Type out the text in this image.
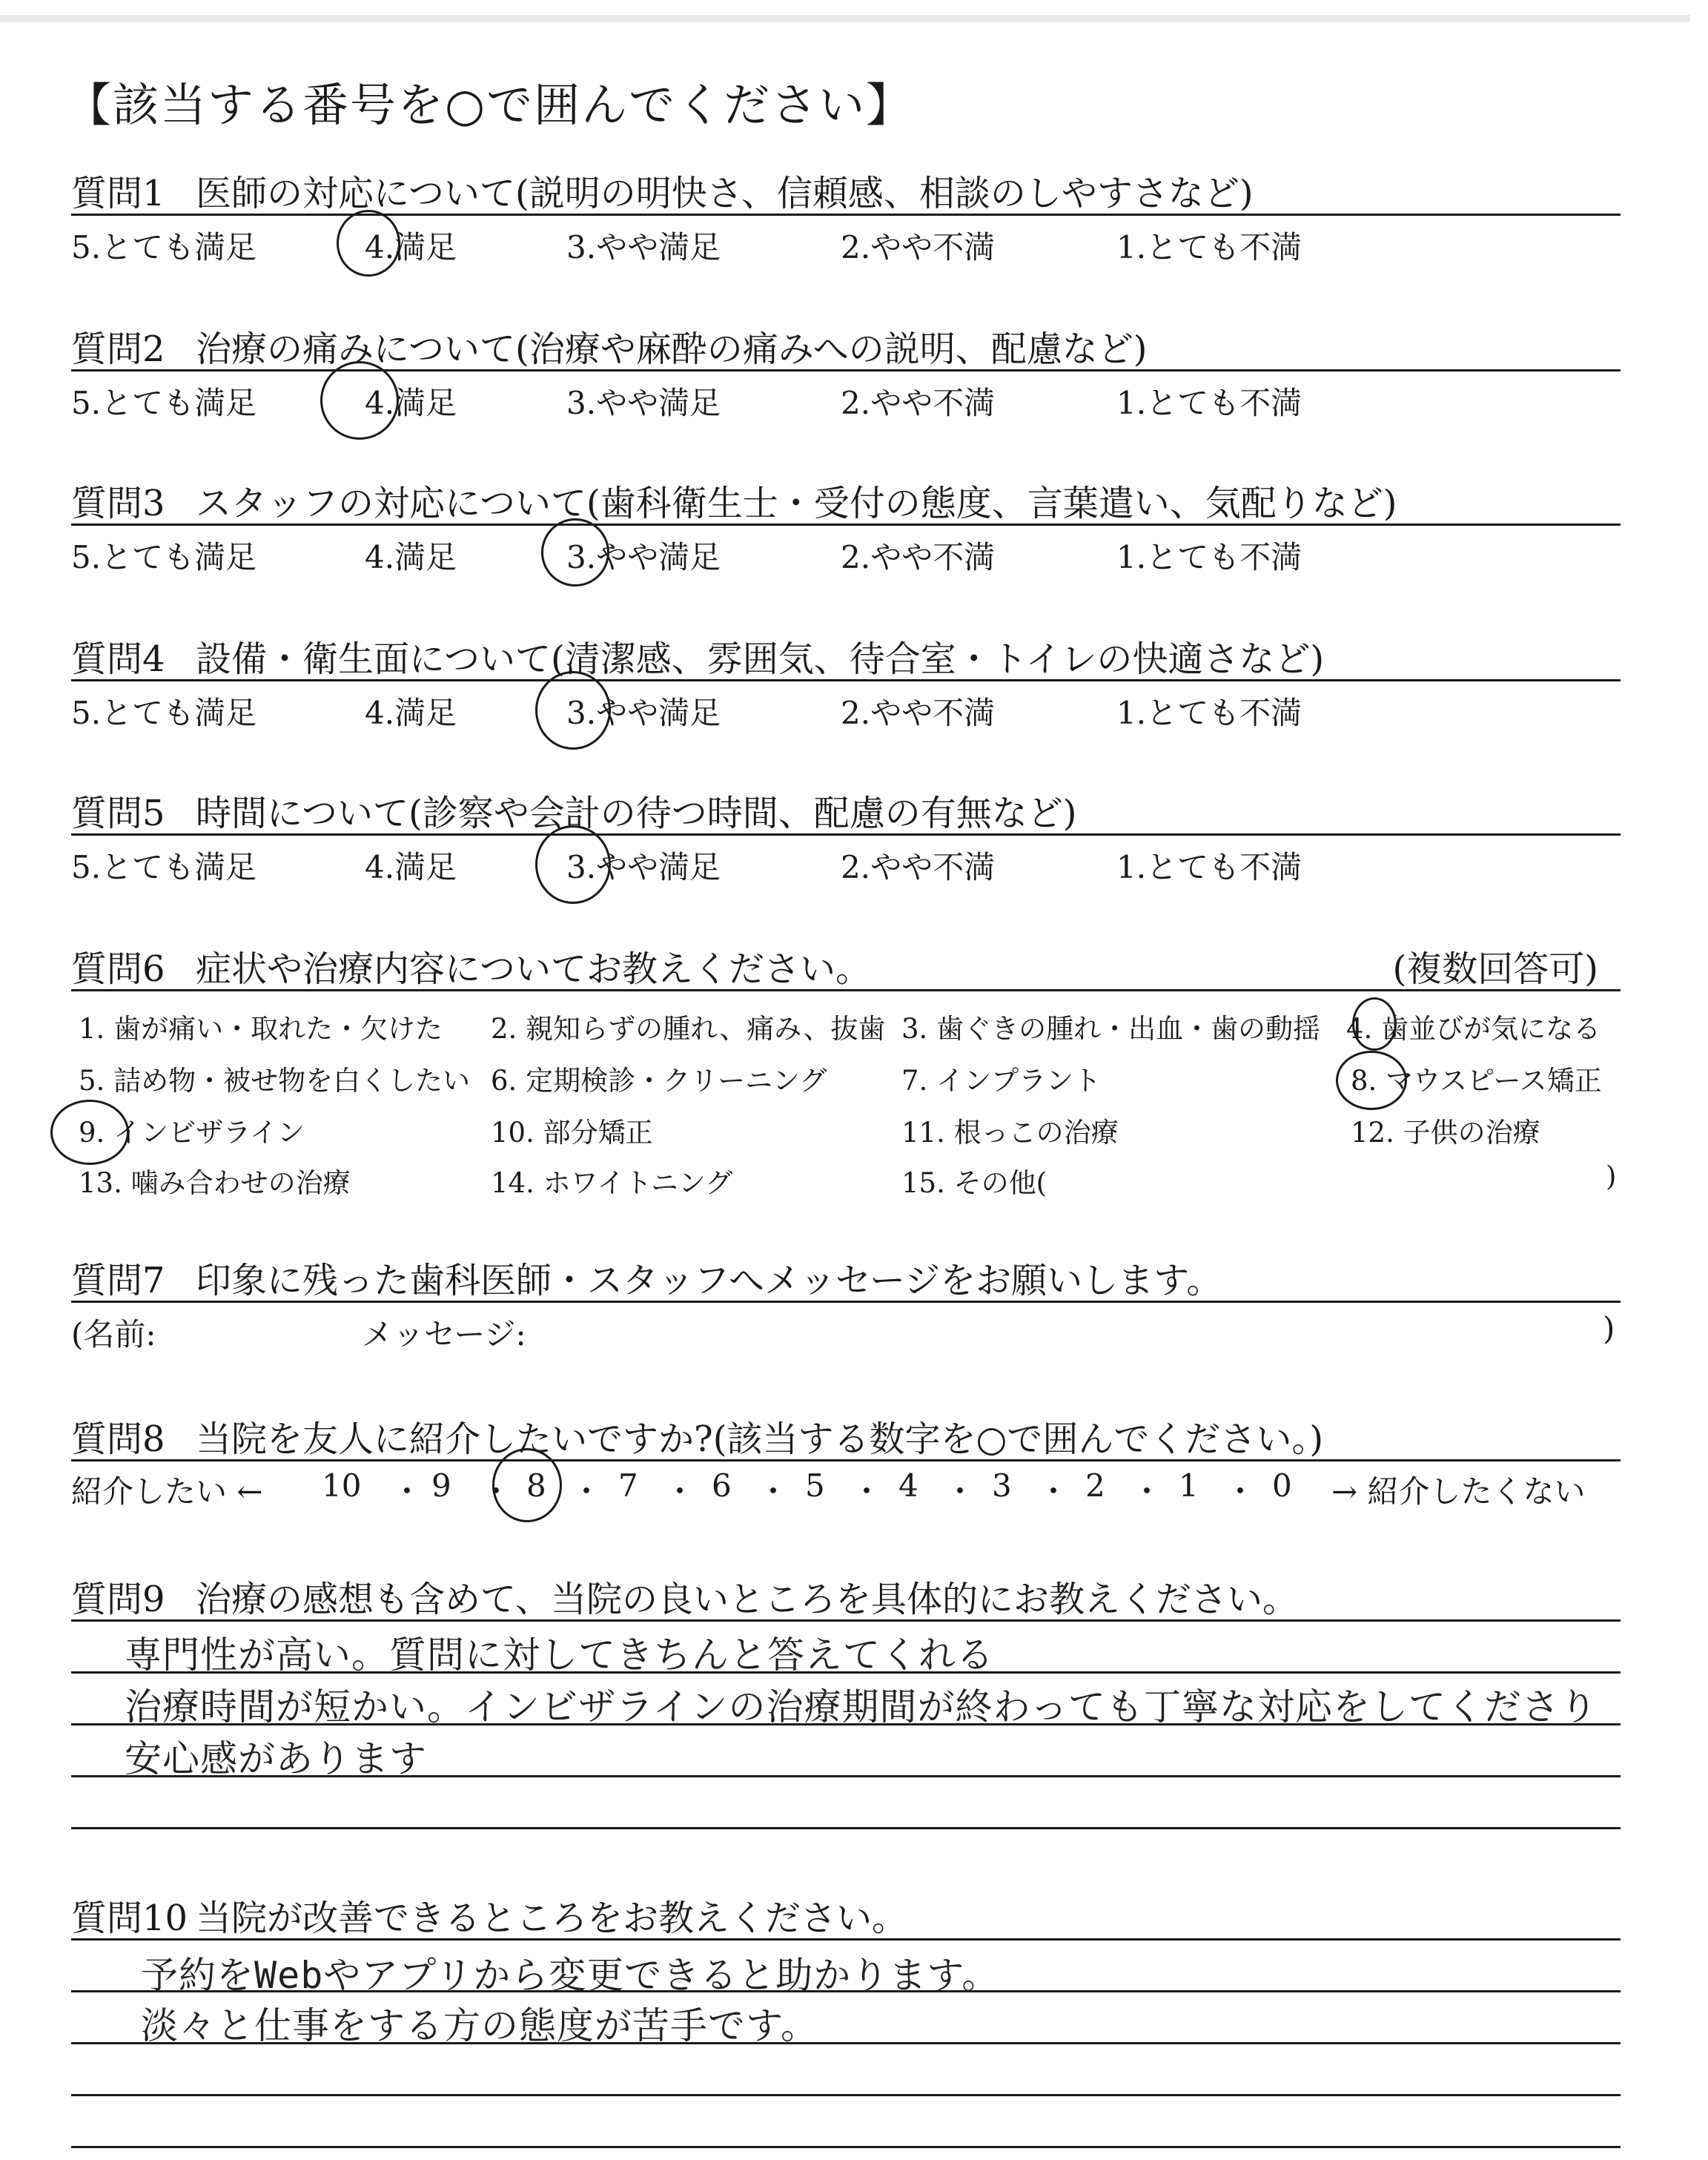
【該当する番号を○で囲んでください】
質問1 医師の対応について(説明の明快さ、信頼感、相談のしやすさなど)
5.とても満足	4.満足	3.やや満足	2.やや不満	1.とても不満
質問2 治療の痛みについて(治療や麻酔の痛みへの説明、配慮など)
5.とても満足	4.満足	3.やや満足	2.やや不満	1.とても不満
質問3 スタッフの対応について(歯科衛生士・受付の態度、言葉遣い、気配りなど)
5.とても満足	4.満足	3.やや満足	2.やや不満	1.とても不満
質問4 設備・衛生面について(清潔感、雰囲気、待合室・トイレの快適さなど)
5.とても満足	4.満足	3.やや満足	2.やや不満	1.とても不満
質問5 時間について(診察や会計の待つ時間、配慮の有無など)
5.とても満足	4.満足	3.やや満足	2.やや不満	1.とても不満
質問6 症状や治療内容についてお教えください。	(複数回答可)
1. 歯が痛い・取れた・欠けた 2. 親知らずの腫れ、痛み、抜歯 3. 歯ぐきの腫れ・出血・歯の動揺 4. 歯並びが気になる
5. 詰め物・被せ物を白くしたい 6. 定期検診・クリーニング	7. インプラント	8. マウスピース矯正
9. インビザライン	10. 部分矯正	11. 根っこの治療	12. 子供の治療
13. 噛み合わせの治療	14. ホワイトニング	15. その他(	)
質問7 印象に残った歯科医師・スタッフへメッセージをお願いします。
(名前:	メッセージ:	)
質問8 当院を友人に紹介したいですか?(該当する数字を○で囲んでください。)
紹介したい ← 10 ・ 9 ・ 8 ・ 7 ・ 6 ・ 5 ・ 4 ・ 3 ・ 2 ・ 1 ・ 0 → 紹介したくない
質問9 治療の感想も含めて、当院の良いところを具体的にお教えください。
専門性が高い。質問に対してきちんと答えてくれる
治療時間が短かい。インビザラインの治療期間が終わっても丁寧な対応をしてくださり
安心感があります
質問10 当院が改善できるところをお教えください。
予約をWebやアプリから変更できると助かります。
淡々と仕事をする方の態度が苦手です。
